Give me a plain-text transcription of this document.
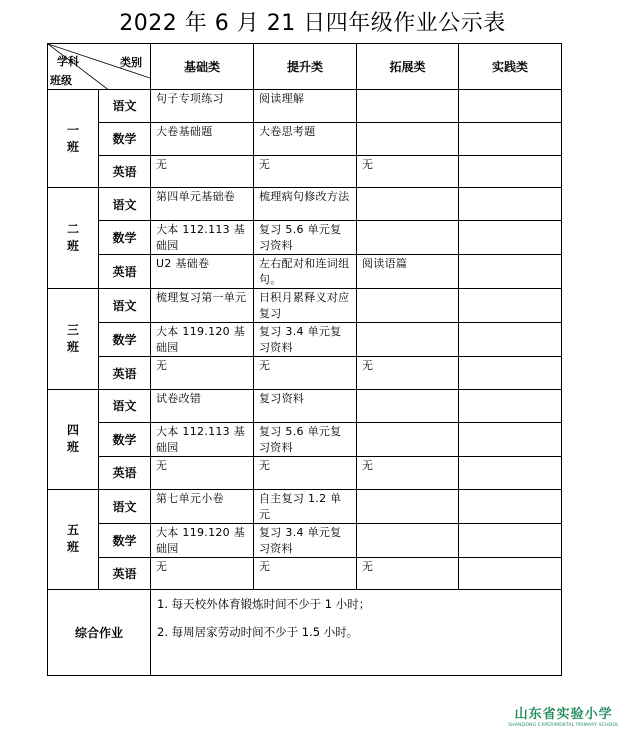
2022 年 6 月 21 日四年级作业公示表
学科 类别
班级		基础类	提升类	拓展类	实践类

一
班	语文	句子专项练习	阅读理解		
	数学	大卷基础题	大卷思考题		
	英语	无	无	无	

二
班	语文	第四单元基础卷	梳理病句修改方法		
	数学	大本 112.113 基础园	复习 5.6 单元复习资料		
	英语	U2 基础卷	左右配对和连词组句。	阅读语篇	

三
班	语文	梳理复习第一单元	日积月累释义对应复习		
	数学	大本 119.120 基础园	复习 3.4 单元复习资料		
	英语	无	无	无	

四
班	语文	试卷改错	复习资料		
	数学	大本 112.113 基础园	复习 5.6 单元复习资料		
	英语	无	无	无	

五
班	语文	第七单元小卷	自主复习 1.2 单元		
	数学	大本 119.120 基础园	复习 3.4 单元复习资料		
	英语	无	无	无	
综合作业		1. 每天校外体育锻炼时间不少于 1 小时；

2. 每周居家劳动时间不少于 1.5 小时。			

山东省实验小学
SHANDONG EXPERIMENTAL PRIMARY SCHOOL
